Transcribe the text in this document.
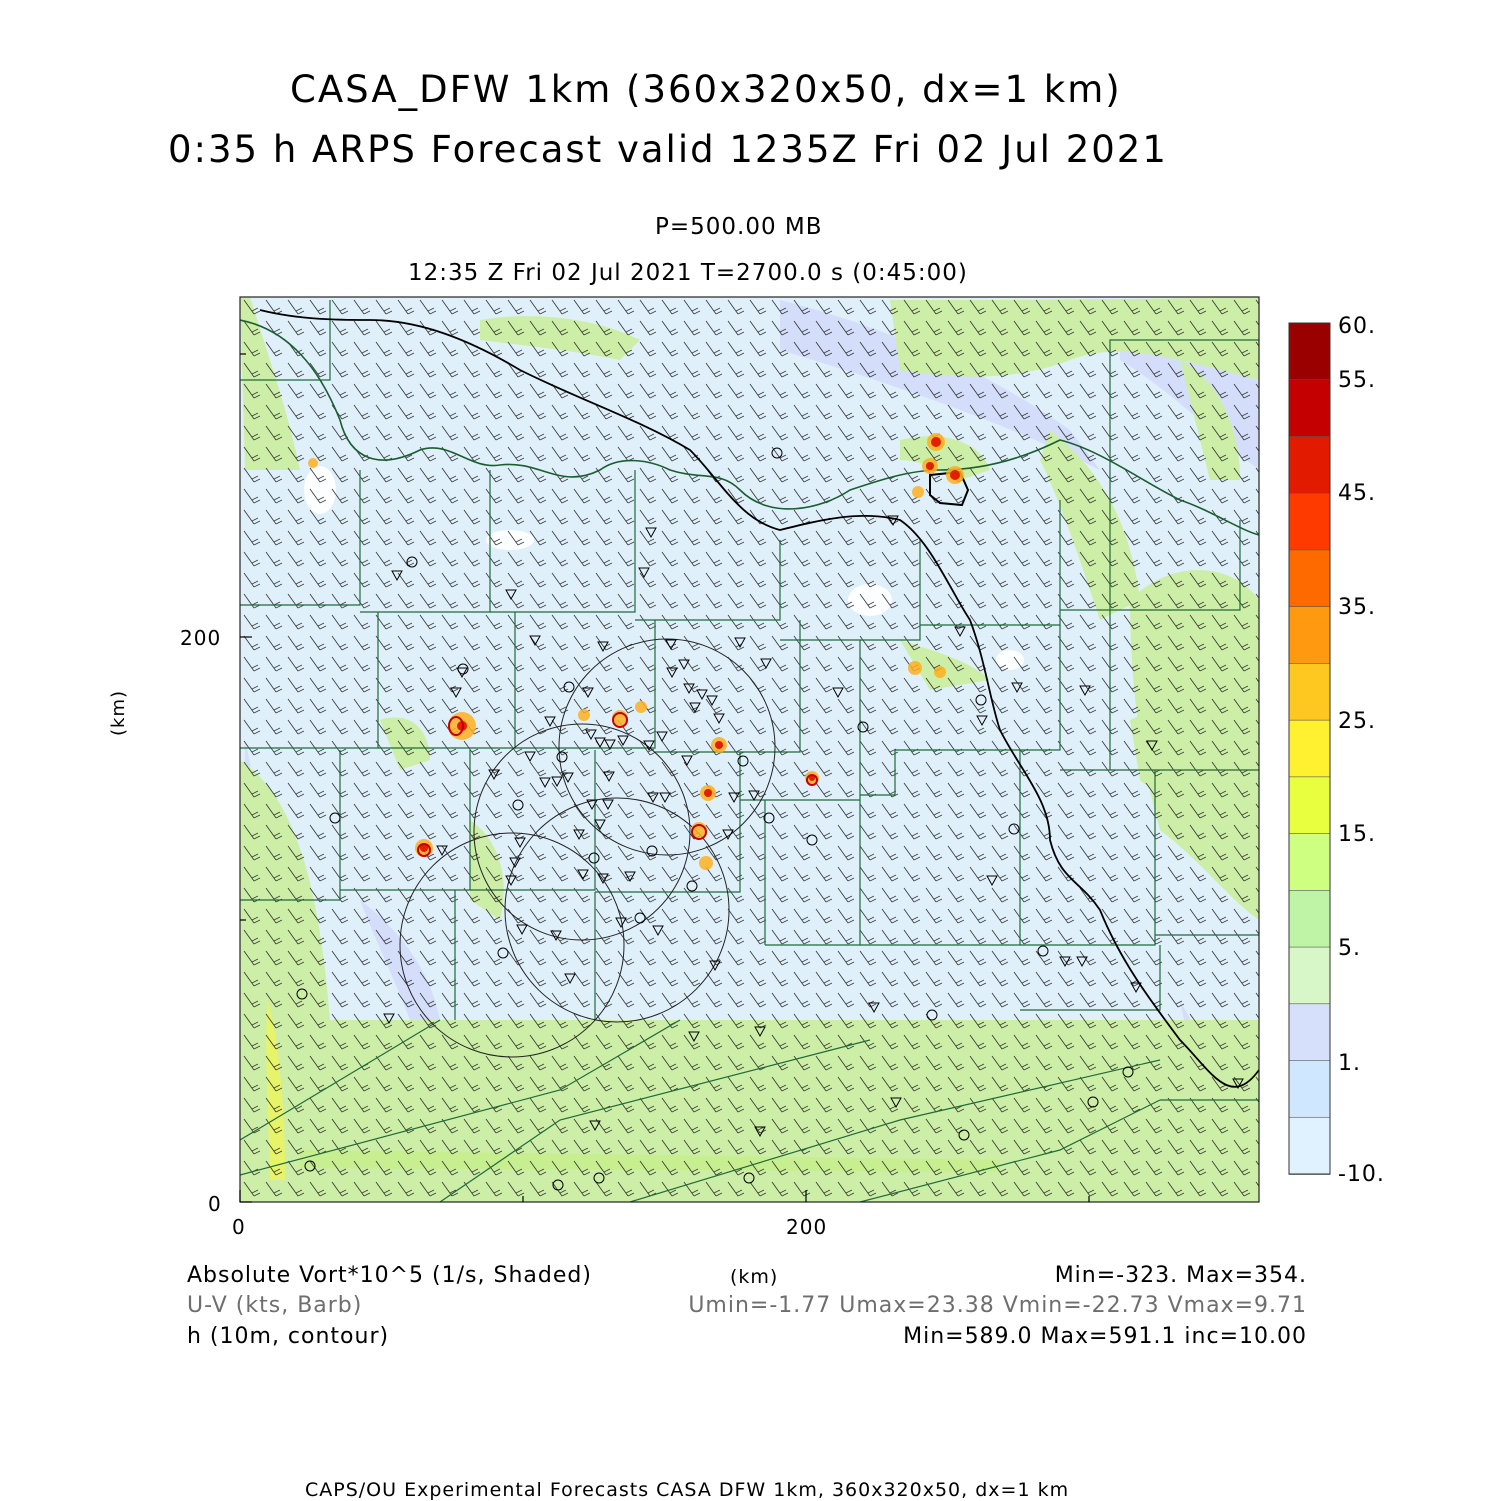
CASA_DFW 1km (360x320x50, dx=1 km)
0:35 h ARPS Forecast valid 1235Z Fri 02 Jul 2021
P=500.00 MB
12:35 Z Fri 02 Jul 2021 T=2700.0 s (0:45:00)
0	200
0
200
(km)
60.
55.
45.
35.
25.
15.
5.
1.
-10.
Absolute Vort*10^5 (1/s, Shaded)	(km)	Min=-323. Max=354.
U-V (kts, Barb)	Umin=-1.77 Umax=23.38 Vmin=-22.73 Vmax=9.71
h (10m, contour)	Min=589.0 Max=591.1 inc=10.00
CAPS/OU Experimental Forecasts CASA DFW 1km, 360x320x50, dx=1 km
